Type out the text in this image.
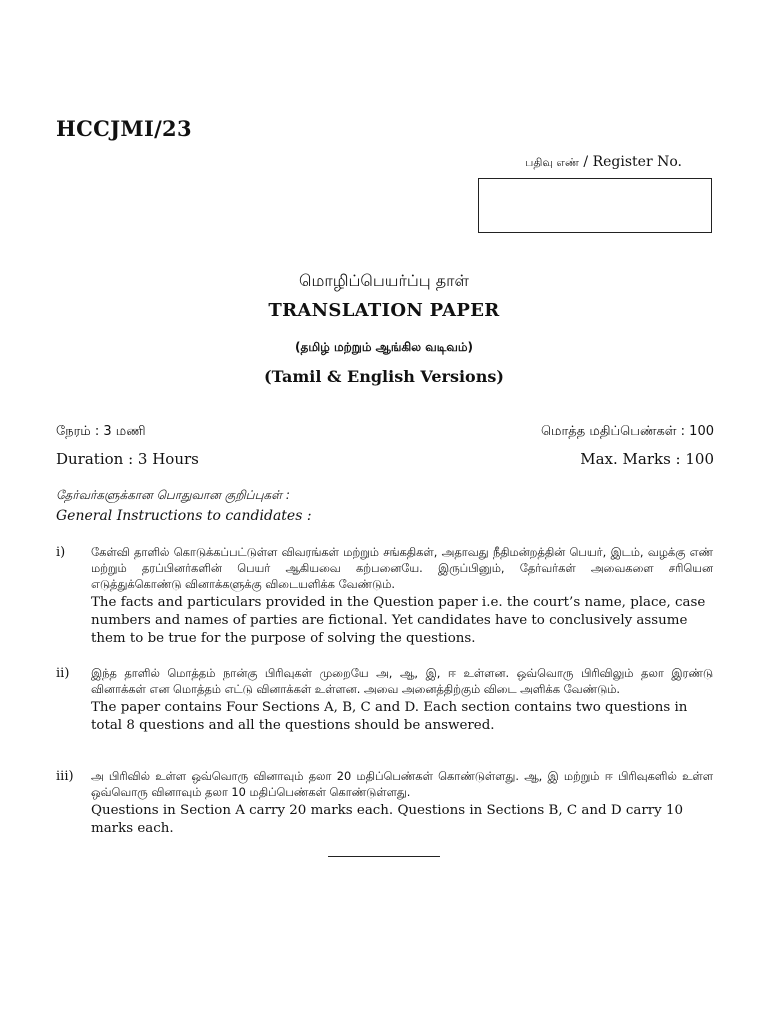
HCCJMI/23
பதிவு எண் / Register No.
மொழிப்பெயர்ப்பு தாள்
TRANSLATION PAPER
(தமிழ் மற்றும் ஆங்கில வடிவம்)
(Tamil & English Versions)
நேரம் : 3 மணி	மொத்த மதிப்பெண்கள் : 100
Duration : 3 Hours	Max. Marks : 100
தேர்வர்களுக்கான பொதுவான குறிப்புகள் :
General Instructions to candidates :
i) கேள்வி தாளில் கொடுக்கப்பட்டுள்ள விவரங்கள் மற்றும் சங்கதிகள், அதாவது நீதிமன்றத்தின் பெயர், இடம், வழக்கு எண் மற்றும் தரப்பினர்களின் பெயர் ஆகியவை கற்பனையே. இருப்பினும், தேர்வர்கள் அவைகளை சரியென எடுத்துக்கொண்டு வினாக்களுக்கு விடையளிக்க வேண்டும்.
The facts and particulars provided in the Question paper i.e. the court’s name, place, case numbers and names of parties are fictional. Yet candidates have to conclusively assume them to be true for the purpose of solving the questions.
ii) இந்த தாளில் மொத்தம் நான்கு பிரிவுகள் முறையே அ, ஆ, இ, ஈ உள்ளன. ஒவ்வொரு பிரிவிலும் தலா இரண்டு வினாக்கள் என மொத்தம் எட்டு வினாக்கள் உள்ளன. அவை அனைத்திற்கும் விடை அளிக்க வேண்டும்.
The paper contains Four Sections A, B, C and D. Each section contains two questions in total 8 questions and all the questions should be answered.
iii) அ பிரிவில் உள்ள ஒவ்வொரு வினாவும் தலா 20 மதிப்பெண்கள் கொண்டுள்ளது. ஆ, இ மற்றும் ஈ பிரிவுகளில் உள்ள ஒவ்வொரு வினாவும் தலா 10 மதிப்பெண்கள் கொண்டுள்ளது.
Questions in Section A carry 20 marks each. Questions in Sections B, C and D carry 10 marks each.
